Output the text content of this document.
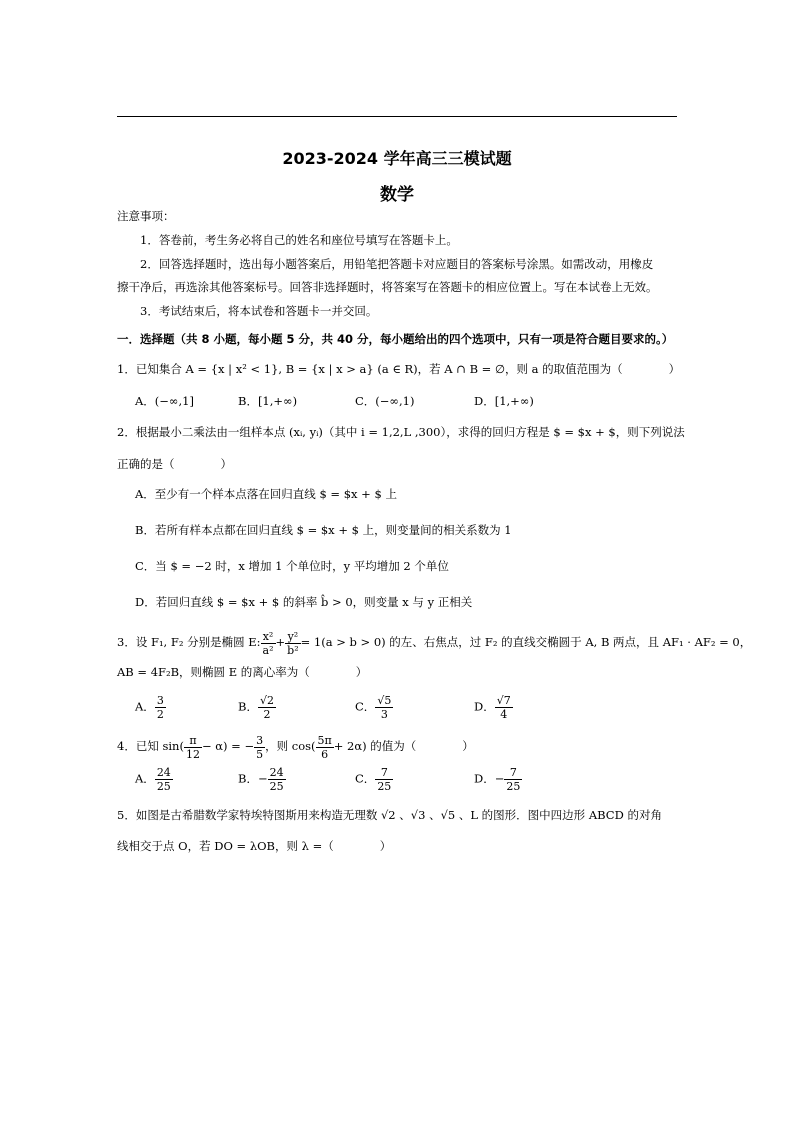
2023-2024 学年高三三模试题
数学
注意事项：
1．答卷前，考生务必将自己的姓名和座位号填写在答题卡上。
2．回答选择题时，选出每小题答案后，用铅笔把答题卡对应题目的答案标号涂黑。如需改动，用橡皮
擦干净后，再选涂其他答案标号。回答非选择题时，将答案写在答题卡的相应位置上。写在本试卷上无效。
3．考试结束后，将本试卷和答题卡一并交回。
一．选择题（共 8 小题，每小题 5 分，共 40 分，每小题给出的四个选项中，只有一项是符合题目要求的。）
1．已知集合 A = {x | x² < 1}, B = {x | x > a} (a ∈ R)，若 A ∩ B = ∅，则 a 的取值范围为（　　　　）
A．(−∞,1]	B．[1,+∞)	C．(−∞,1)	D．[1,+∞)
2．根据最小二乘法由一组样本点 (xᵢ, yᵢ)（其中 i = 1,2,L ,300），求得的回归方程是 $ = $x + $，则下列说法
正确的是（　　　　）
A．至少有一个样本点落在回归直线 $ = $x + $ 上
B．若所有样本点都在回归直线 $ = $x + $ 上，则变量间的相关系数为 1
C．当 $ = −2 时，x 增加 1 个单位时，y 平均增加 2 个单位
D．若回归直线 $ = $x + $ 的斜率 b̂ > 0，则变量 x 与 y 正相关
3．设 F₁, F₂ 分别是椭圆 E: $\frac{\text{x²}}{\text{a²}} + \frac{\text{y²}}{\text{b²}} = 1(a > b > 0)$ 的左、右焦点，过 F₂ 的直线交椭圆于 A, B 两点，且 AF₁ · AF₂ = 0，
AB = 4F₂B，则椭圆 E 的离心率为（　　　　）
A． $\frac{3}{2}$	B． $\frac{√2}{2}$	C． $\frac{√5}{3}$	D． $\frac{√7}{4}$
4．已知 $\sin( \frac{\pi}{12} - \alpha)$ = − $\frac{3}{5}$ ，则 $\cos( \frac{5\pi}{6} + 2\alpha)$ 的值为（　　　　）
A． $\frac{24}{25}$	B．− $\frac{24}{25}$	C． $\frac{7}{25}$	D．− $\frac{7}{25}$
5．如图是古希腊数学家特埃特图斯用来构造无理数 √2 、√3 、√5 、L 的图形．图中四边形 ABCD 的对角
线相交于点 O，若 DO = λOB，则 λ =（　　　　）
